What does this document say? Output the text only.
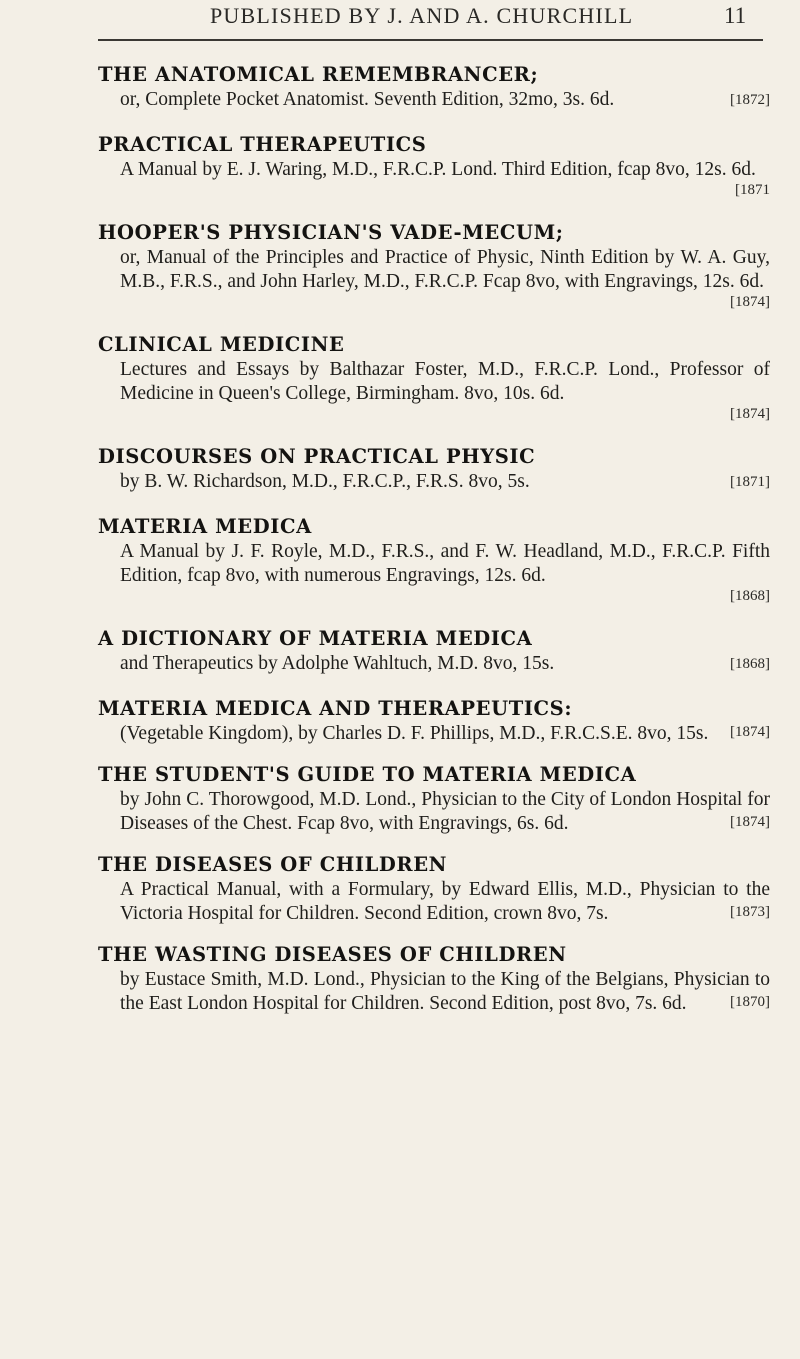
PUBLISHED BY J. AND A. CHURCHILL	11
THE ANATOMICAL REMEMBRANCER;
[1872]
or, Complete Pocket Anatomist. Seventh Edition, 32mo, 3s. 6d.
PRACTICAL THERAPEUTICS
A Manual by E. J. Waring, M.D., F.R.C.P. Lond. Third Edition, fcap 8vo, 12s. 6d.
[1871
HOOPER'S PHYSICIAN'S VADE-MECUM;
or, Manual of the Principles and Practice of Physic, Ninth Edition by W. A. Guy, M.B., F.R.S., and John Harley, M.D., F.R.C.P. Fcap 8vo, with Engravings, 12s. 6d.
[1874]
CLINICAL MEDICINE
Lectures and Essays by Balthazar Foster, M.D., F.R.C.P. Lond., Professor of Medicine in Queen's College, Birmingham. 8vo, 10s. 6d.
[1874]
DISCOURSES ON PRACTICAL PHYSIC
[1871]
by B. W. Richardson, M.D., F.R.C.P., F.R.S. 8vo, 5s.
MATERIA MEDICA
A Manual by J. F. Royle, M.D., F.R.S., and F. W. Headland, M.D., F.R.C.P. Fifth Edition, fcap 8vo, with numerous Engravings, 12s. 6d.
[1868]
A DICTIONARY OF MATERIA MEDICA
[1868]
and Therapeutics by Adolphe Wahltuch, M.D. 8vo, 15s.
MATERIA MEDICA AND THERAPEUTICS:
(Vegetable Kingdom), by Charles D. F. Phillips, M.D., F.R.C.S.E. 8vo, 15s.	[1874]
THE STUDENT'S GUIDE TO MATERIA MEDICA
by John C. Thorowgood, M.D. Lond., Physician to the City of London Hospital for Diseases of the Chest. Fcap 8vo, with Engravings, 6s. 6d.	[1874]
THE DISEASES OF CHILDREN
A Practical Manual, with a Formulary, by Edward Ellis, M.D., Physician to the Victoria Hospital for Children. Second Edition, crown 8vo, 7s.	[1873]
THE WASTING DISEASES OF CHILDREN
by Eustace Smith, M.D. Lond., Physician to the King of the Belgians, Physician to the East London Hospital for Children. Second Edition, post 8vo, 7s. 6d.	[1870]
